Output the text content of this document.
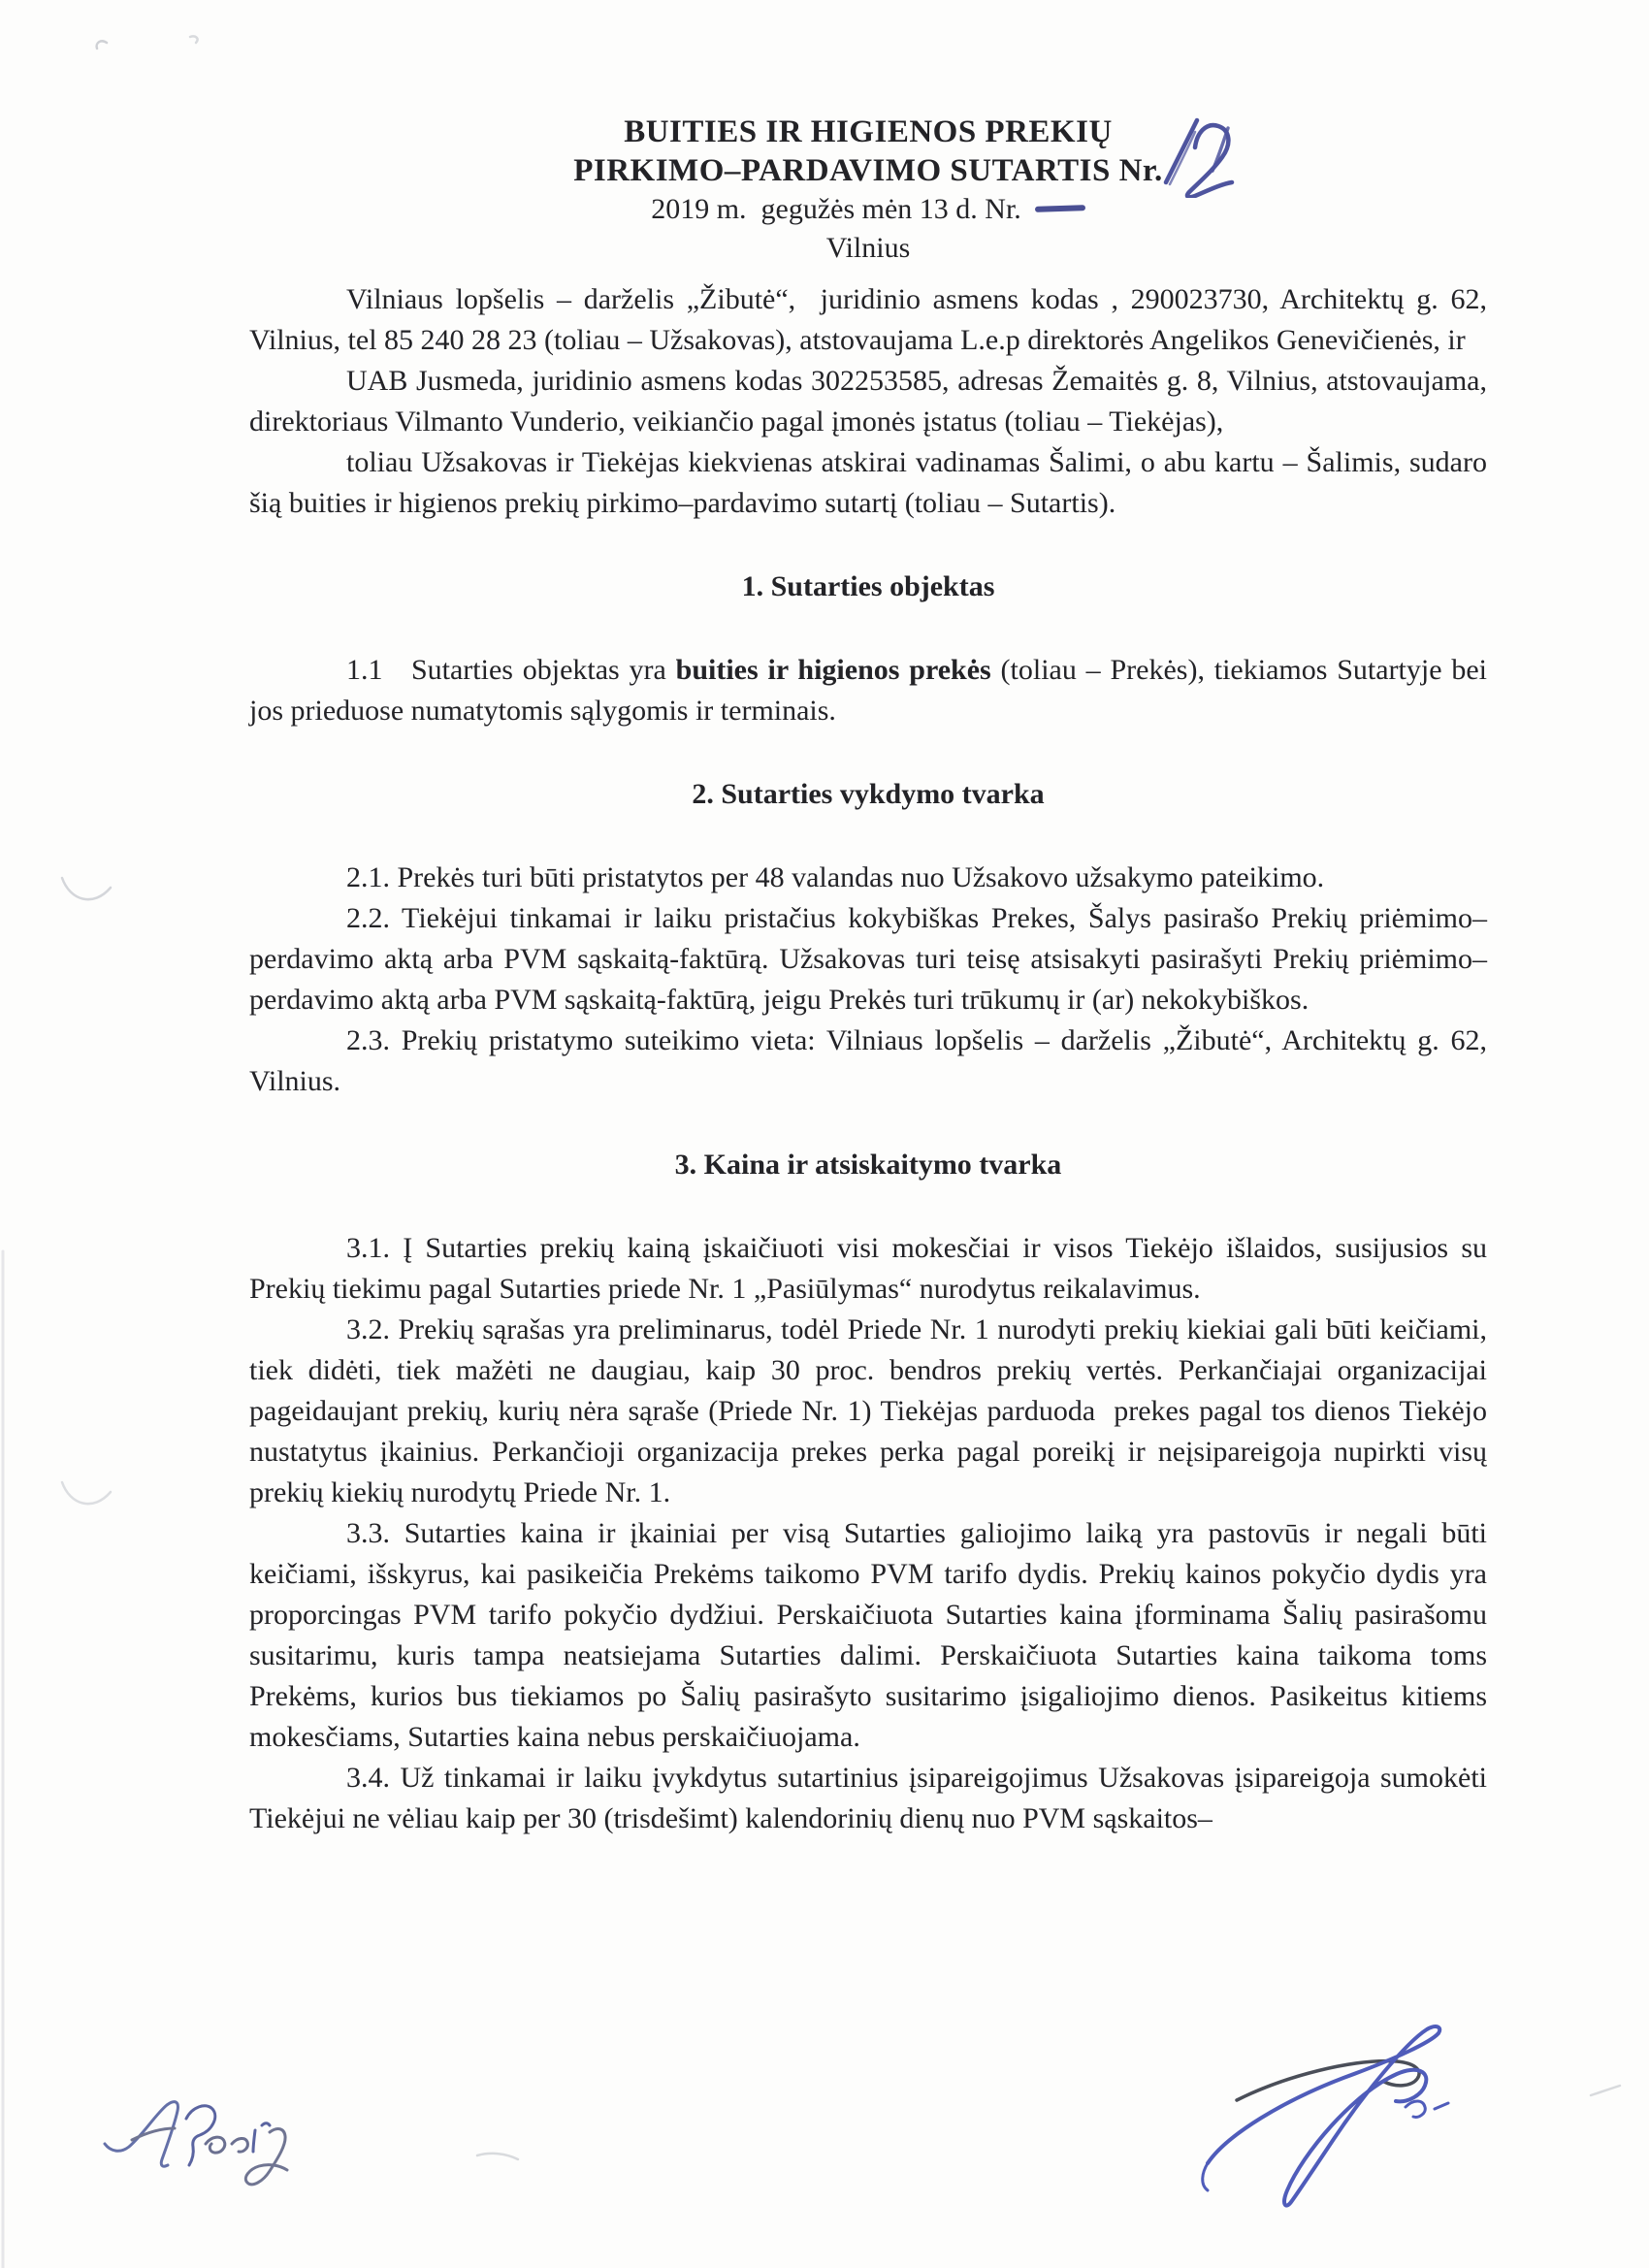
BUITIES IR HIGIENOS PREKIŲ
PIRKIMO–PARDAVIMO SUTARTIS Nr.
2019 m.  gegužės mėn 13 d. Nr.
Vilnius

Vilniaus lopšelis – darželis „Žibutė“,  juridinio asmens kodas , 290023730, Architektų g. 62, Vilnius, tel 85 240 28 23 (toliau – Užsakovas), atstovaujama L.e.p direktorės Angelikos Genevičienės, ir

UAB Jusmeda, juridinio asmens kodas 302253585, adresas Žemaitės g. 8, Vilnius, atstovaujama, direktoriaus Vilmanto Vunderio, veikiančio pagal įmonės įstatus (toliau – Tiekėjas),

toliau Užsakovas ir Tiekėjas kiekvienas atskirai vadinamas Šalimi, o abu kartu – Šalimis, sudaro šią buities ir higienos prekių pirkimo–pardavimo sutartį (toliau – Sutartis).

1. Sutarties objektas

1.1   Sutarties objektas yra buities ir higienos prekės (toliau – Prekės), tiekiamos Sutartyje bei jos prieduose numatytomis sąlygomis ir terminais.

2. Sutarties vykdymo tvarka

2.1. Prekės turi būti pristatytos per 48 valandas nuo Užsakovo užsakymo pateikimo.

2.2. Tiekėjui tinkamai ir laiku pristačius kokybiškas Prekes, Šalys pasirašo Prekių priėmimo–perdavimo aktą arba PVM sąskaitą-faktūrą. Užsakovas turi teisę atsisakyti pasirašyti Prekių priėmimo–perdavimo aktą arba PVM sąskaitą-faktūrą, jeigu Prekės turi trūkumų ir (ar) nekokybiškos.

2.3. Prekių pristatymo suteikimo vieta: Vilniaus lopšelis – darželis „Žibutė“, Architektų g. 62, Vilnius.

3. Kaina ir atsiskaitymo tvarka

3.1. Į Sutarties prekių kainą įskaičiuoti visi mokesčiai ir visos Tiekėjo išlaidos, susijusios su Prekių tiekimu pagal Sutarties priede Nr. 1 „Pasiūlymas“ nurodytus reikalavimus.

3.2. Prekių sąrašas yra preliminarus, todėl Priede Nr. 1 nurodyti prekių kiekiai gali būti keičiami, tiek didėti, tiek mažėti ne daugiau, kaip 30 proc. bendros prekių vertės. Perkančiajai organizacijai pageidaujant prekių, kurių nėra sąraše (Priede Nr. 1) Tiekėjas parduoda  prekes pagal tos dienos Tiekėjo nustatytus įkainius. Perkančioji organizacija prekes perka pagal poreikį ir neįsipareigoja nupirkti visų prekių kiekių nurodytų Priede Nr. 1.

3.3. Sutarties kaina ir įkainiai per visą Sutarties galiojimo laiką yra pastovūs ir negali būti keičiami, išskyrus, kai pasikeičia Prekėms taikomo PVM tarifo dydis. Prekių kainos pokyčio dydis yra proporcingas PVM tarifo pokyčio dydžiui. Perskaičiuota Sutarties kaina įforminama Šalių pasirašomu susitarimu, kuris tampa neatsiejama Sutarties dalimi. Perskaičiuota Sutarties kaina taikoma toms Prekėms, kurios bus tiekiamos po Šalių pasirašyto susitarimo įsigaliojimo dienos. Pasikeitus kitiems mokesčiams, Sutarties kaina nebus perskaičiuojama.

3.4. Už tinkamai ir laiku įvykdytus sutartinius įsipareigojimus Užsakovas įsipareigoja sumokėti Tiekėjui ne vėliau kaip per 30 (trisdešimt) kalendorinių dienų nuo PVM sąskaitos–
